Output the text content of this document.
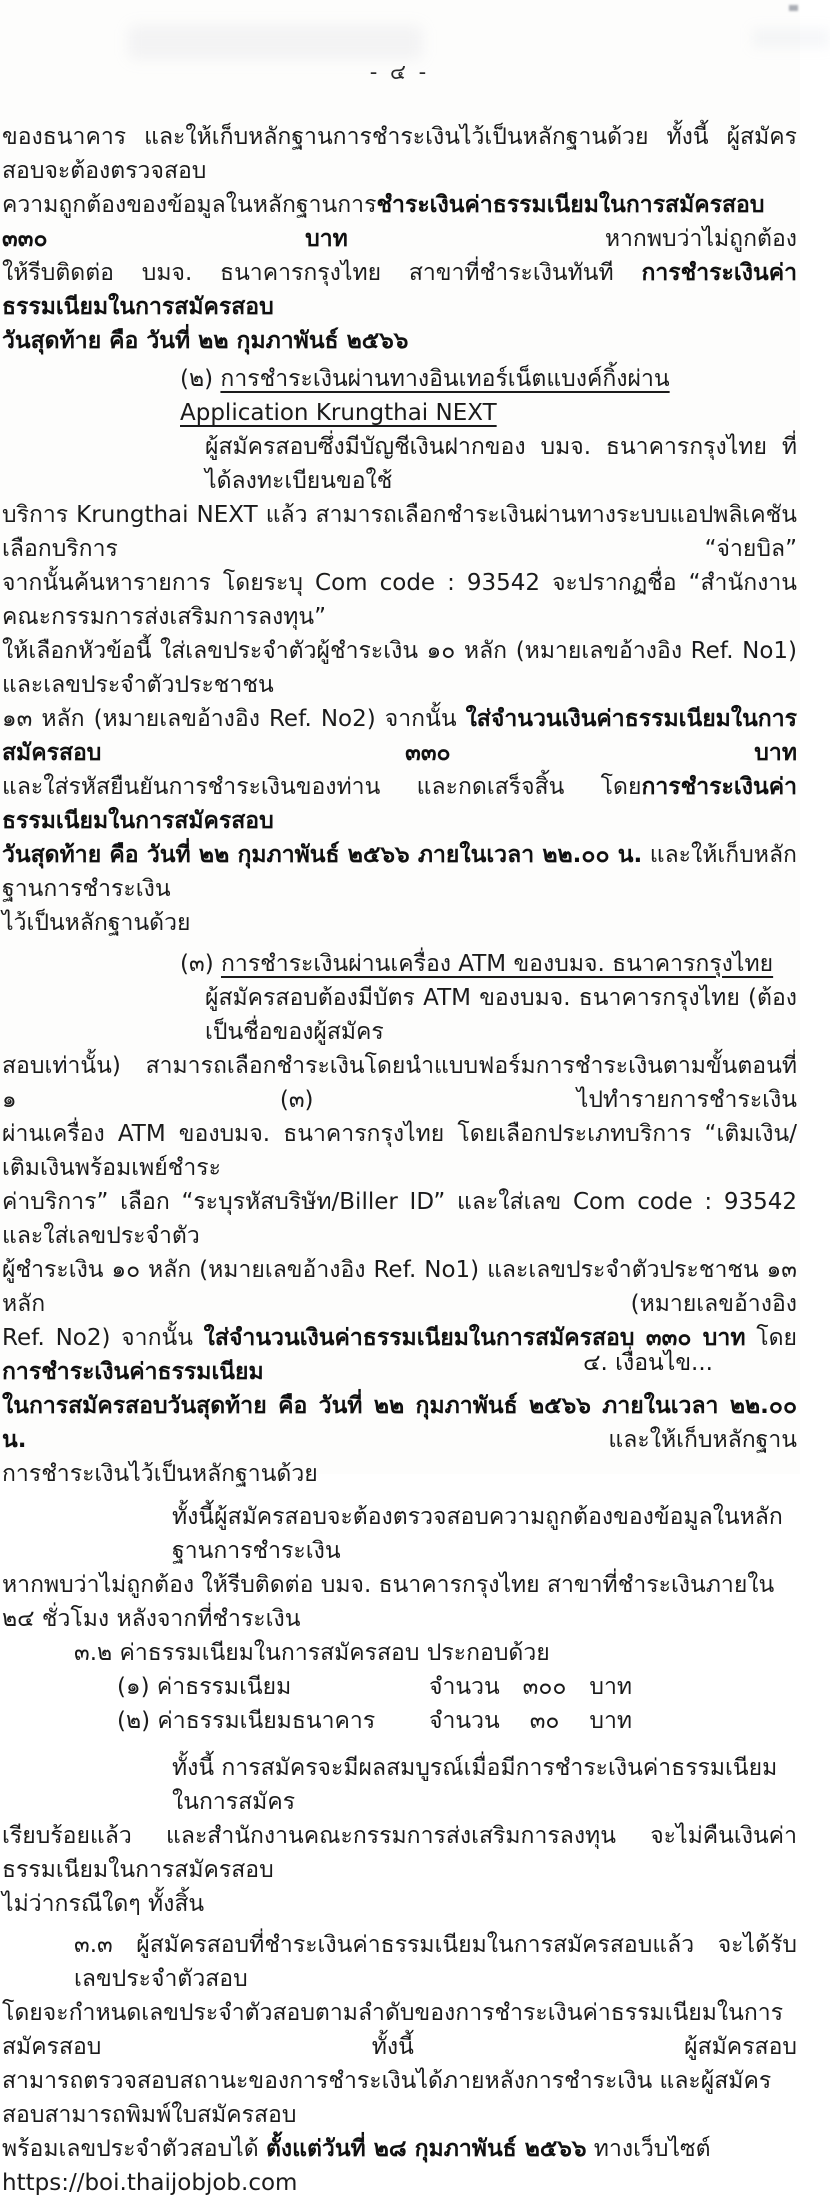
- ๔ -
ของธนาคาร และให้เก็บหลักฐานการชำระเงินไว้เป็นหลักฐานด้วย ทั้งนี้ ผู้สมัครสอบจะต้องตรวจสอบ
ความถูกต้องของข้อมูลในหลักฐานการชำระเงินค่าธรรมเนียมในการสมัครสอบ ๓๓๐ บาท หากพบว่าไม่ถูกต้อง
ให้รีบติดต่อ บมจ. ธนาคารกรุงไทย สาขาที่ชำระเงินทันที การชำระเงินค่าธรรมเนียมในการสมัครสอบ
วันสุดท้าย คือ วันที่ ๒๒ กุมภาพันธ์ ๒๕๖๖
(๒) การชำระเงินผ่านทางอินเทอร์เน็ตแบงค์กิ้งผ่าน Application Krungthai NEXT
ผู้สมัครสอบซึ่งมีบัญชีเงินฝากของ บมจ. ธนาคารกรุงไทย ที่ได้ลงทะเบียนขอใช้
บริการ Krungthai NEXT แล้ว สามารถเลือกชำระเงินผ่านทางระบบแอปพลิเคชัน เลือกบริการ “จ่ายบิล”
จากนั้นค้นหารายการ โดยระบุ Com code : 93542 จะปรากฏชื่อ “สำนักงานคณะกรรมการส่งเสริมการลงทุน”
ให้เลือกหัวข้อนี้ ใส่เลขประจำตัวผู้ชำระเงิน ๑๐ หลัก (หมายเลขอ้างอิง Ref. No1) และเลขประจำตัวประชาชน
๑๓ หลัก (หมายเลขอ้างอิง Ref. No2) จากนั้น ใส่จำนวนเงินค่าธรรมเนียมในการสมัครสอบ ๓๓๐ บาท
และใส่รหัสยืนยันการชำระเงินของท่าน และกดเสร็จสิ้น โดยการชำระเงินค่าธรรมเนียมในการสมัครสอบ
วันสุดท้าย คือ วันที่ ๒๒ กุมภาพันธ์ ๒๕๖๖ ภายในเวลา ๒๒.๐๐ น. และให้เก็บหลักฐานการชำระเงิน
ไว้เป็นหลักฐานด้วย
(๓) การชำระเงินผ่านเครื่อง ATM ของบมจ. ธนาคารกรุงไทย
ผู้สมัครสอบต้องมีบัตร ATM ของบมจ. ธนาคารกรุงไทย (ต้องเป็นชื่อของผู้สมัคร
สอบเท่านั้น) สามารถเลือกชำระเงินโดยนำแบบฟอร์มการชำระเงินตามขั้นตอนที่ ๑ (๓) ไปทำรายการชำระเงิน
ผ่านเครื่อง ATM ของบมจ. ธนาคารกรุงไทย โดยเลือกประเภทบริการ “เติมเงิน/เติมเงินพร้อมเพย์ชำระ
ค่าบริการ” เลือก “ระบุรหัสบริษัท/Biller ID” และใส่เลข Com code : 93542 และใส่เลขประจำตัว
ผู้ชำระเงิน ๑๐ หลัก (หมายเลขอ้างอิง Ref. No1) และเลขประจำตัวประชาชน ๑๓ หลัก (หมายเลขอ้างอิง
Ref. No2) จากนั้น ใส่จำนวนเงินค่าธรรมเนียมในการสมัครสอบ ๓๓๐ บาท โดยการชำระเงินค่าธรรมเนียม
ในการสมัครสอบวันสุดท้าย คือ วันที่ ๒๒ กุมภาพันธ์ ๒๕๖๖ ภายในเวลา ๒๒.๐๐ น. และให้เก็บหลักฐาน
การชำระเงินไว้เป็นหลักฐานด้วย
ทั้งนี้ผู้สมัครสอบจะต้องตรวจสอบความถูกต้องของข้อมูลในหลักฐานการชำระเงิน
หากพบว่าไม่ถูกต้อง ให้รีบติดต่อ บมจ. ธนาคารกรุงไทย สาขาที่ชำระเงินภายใน ๒๔ ชั่วโมง หลังจากที่ชำระเงิน
๓.๒ ค่าธรรมเนียมในการสมัครสอบ ประกอบด้วย
(๑) ค่าธรรมเนียม	จำนวน ๓๐๐ บาท
(๒) ค่าธรรมเนียมธนาคาร จำนวน ๓๐ บาท
ทั้งนี้ การสมัครจะมีผลสมบูรณ์เมื่อมีการชำระเงินค่าธรรมเนียมในการสมัคร
เรียบร้อยแล้ว และสำนักงานคณะกรรมการส่งเสริมการลงทุน จะไม่คืนเงินค่าธรรมเนียมในการสมัครสอบ
ไม่ว่ากรณีใดๆ ทั้งสิ้น
๓.๓ ผู้สมัครสอบที่ชำระเงินค่าธรรมเนียมในการสมัครสอบแล้ว จะได้รับเลขประจำตัวสอบ
โดยจะกำหนดเลขประจำตัวสอบตามลำดับของการชำระเงินค่าธรรมเนียมในการสมัครสอบ ทั้งนี้ ผู้สมัครสอบ
สามารถตรวจสอบสถานะของการชำระเงินได้ภายหลังการชำระเงิน และผู้สมัครสอบสามารถพิมพ์ใบสมัครสอบ
พร้อมเลขประจำตัวสอบได้ ตั้งแต่วันที่ ๒๘ กุมภาพันธ์ ๒๕๖๖ ทางเว็บไซต์ https://boi.thaijobjob.com
๔. เงื่อนไข...
